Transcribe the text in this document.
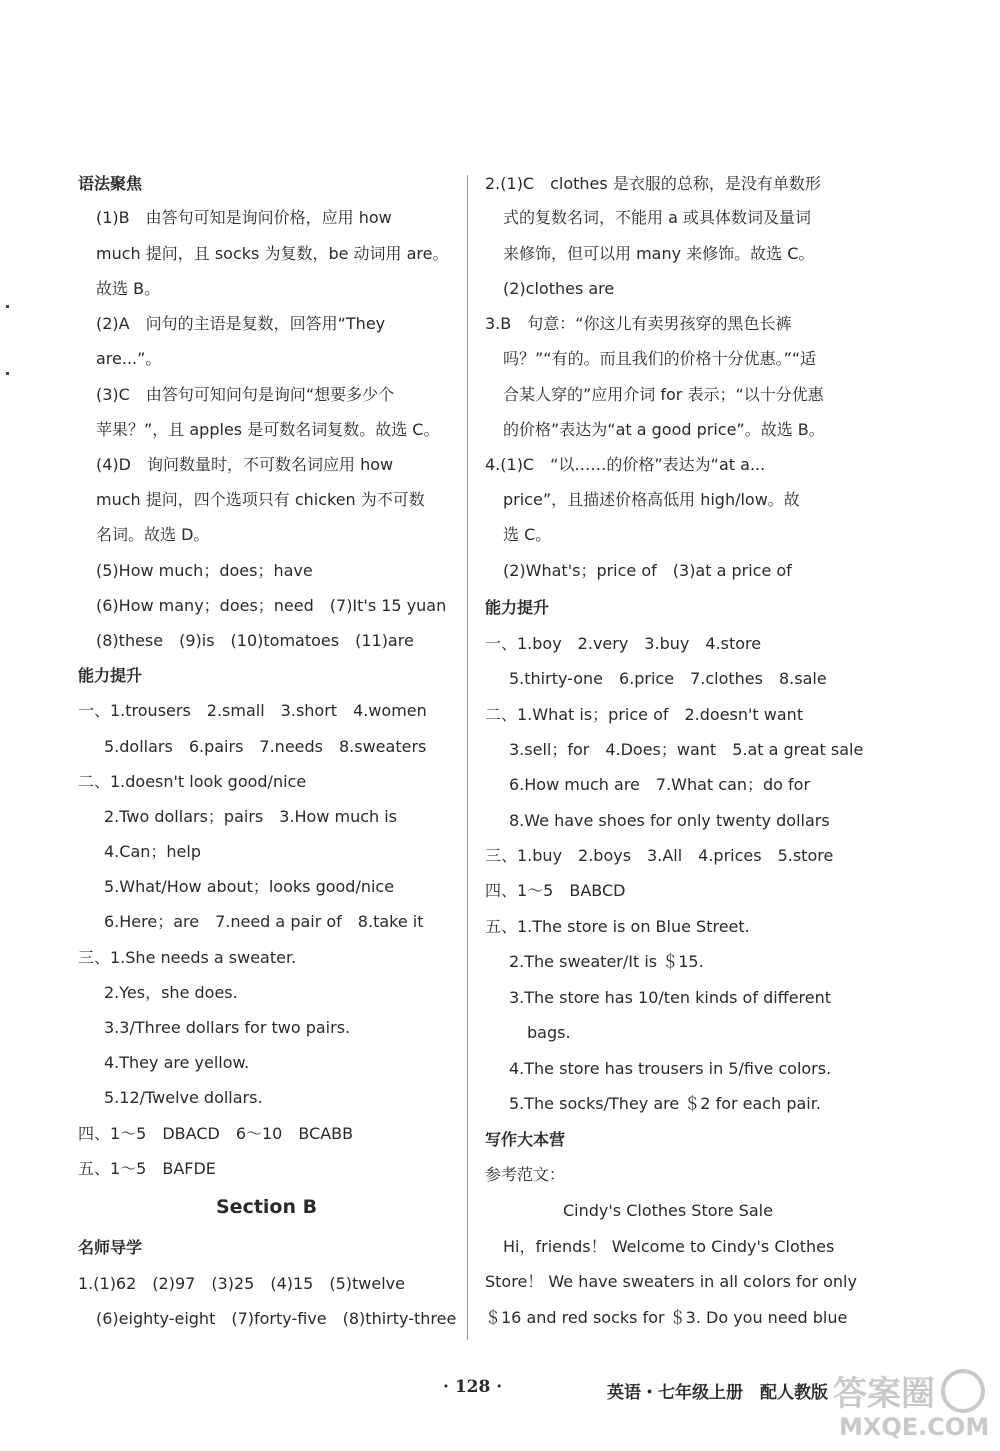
语法聚焦
(1)B　由答句可知是询问价格，应用 how
much 提问，且 socks 为复数，be 动词用 are。
故选 B。
(2)A　问句的主语是复数，回答用“They
are...”。
(3)C　由答句可知问句是询问“想要多少个
苹果？”，且 apples 是可数名词复数。故选 C。
(4)D　询问数量时，不可数名词应用 how
much 提问，四个选项只有 chicken 为不可数
名词。故选 D。
(5)How much；does；have
(6)How many；does；need　(7)It's 15 yuan
(8)these　(9)is　(10)tomatoes　(11)are
能力提升
一、1.trousers　2.small　3.short　4.women
5.dollars　6.pairs　7.needs　8.sweaters
二、1.doesn't look good/nice
2.Two dollars；pairs　3.How much is
4.Can；help
5.What/How about；looks good/nice
6.Here；are　7.need a pair of　8.take it
三、1.She needs a sweater.
2.Yes，she does.
3.3/Three dollars for two pairs.
4.They are yellow.
5.12/Twelve dollars.
四、1～5　DBACD　6～10　BCABB
五、1～5　BAFDE
Section B
名师导学
1.(1)62　(2)97　(3)25　(4)15　(5)twelve
(6)eighty-eight　(7)forty-five　(8)thirty-three
2.(1)C　clothes 是衣服的总称，是没有单数形
式的复数名词，不能用 a 或具体数词及量词
来修饰，但可以用 many 来修饰。故选 C。
(2)clothes are
3.B　句意：“你这儿有卖男孩穿的黑色长裤
吗？”“有的。而且我们的价格十分优惠。”“适
合某人穿的”应用介词 for 表示；“以十分优惠
的价格”表达为“at a good price”。故选 B。
4.(1)C　“以……的价格”表达为“at a...
price”，且描述价格高低用 high/low。故
选 C。
(2)What's；price of　(3)at a price of
能力提升
一、1.boy　2.very　3.buy　4.store
5.thirty-one　6.price　7.clothes　8.sale
二、1.What is；price of　2.doesn't want
3.sell；for　4.Does；want　5.at a great sale
6.How much are　7.What can；do for
8.We have shoes for only twenty dollars
三、1.buy　2.boys　3.All　4.prices　5.store
四、1～5　BABCD
五、1.The store is on Blue Street.
2.The sweater/It is ＄15.
3.The store has 10/ten kinds of different
bags.
4.The store has trousers in 5/five colors.
5.The socks/They are ＄2 for each pair.
写作大本营
参考范文：
Cindy's Clothes Store Sale
Hi，friends！ Welcome to Cindy's Clothes
Store！ We have sweaters in all colors for only
＄16 and red socks for ＄3. Do you need blue
· 128 ·	英语・七年级上册　配人教版 答案圈
MXQE.COM
